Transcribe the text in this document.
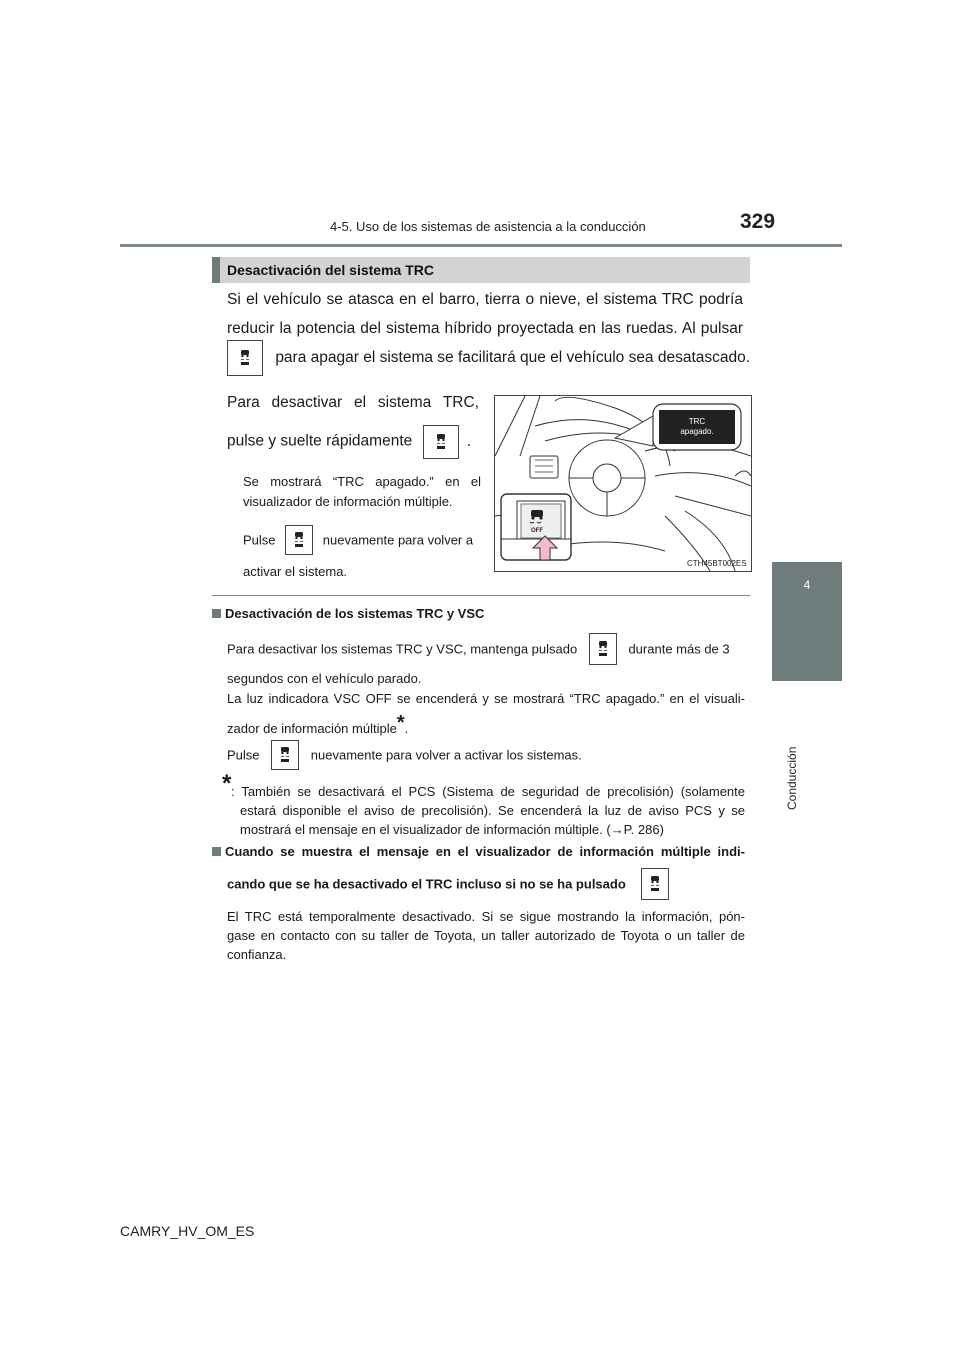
4-5. Uso de los sistemas de asistencia a la conducción	329
4
Conducción
Desactivación del sistema TRC
Si el vehículo se atasca en el barro, tierra o nieve, el sistema TRC podría
reducir la potencia del sistema híbrido proyectada en las ruedas. Al pulsar
para apagar el sistema se facilitará que el vehículo sea desatascado.
Para desactivar el sistema TRC,
pulse y suelte rápidamente	.
Se mostrará “TRC apagado.” en el
visualizador de información múltiple.
Pulse	nuevamente para volver a
activar el sistema.
TRC
apagado.
OFF
CTH45BT002ES
Desactivación de los sistemas TRC y VSC
Para desactivar los sistemas TRC y VSC, mantenga pulsado	durante más de 3
segundos con el vehículo parado.
La luz indicadora VSC OFF se encenderá y se mostrará “TRC apagado.” en el visuali-
zador de información múltiple*.
Pulse	nuevamente para volver a activar los sistemas.
* : También se desactivará el PCS (Sistema de seguridad de precolisión) (solamente
estará disponible el aviso de precolisión). Se encenderá la luz de aviso PCS y se
mostrará el mensaje en el visualizador de información múltiple. (→P. 286)
Cuando se muestra el mensaje en el visualizador de información múltiple indi-
cando que se ha desactivado el TRC incluso si no se ha pulsado
El TRC está temporalmente desactivado. Si se sigue mostrando la información, pón-
gase en contacto con su taller de Toyota, un taller autorizado de Toyota o un taller de
confianza.
CAMRY_HV_OM_ES
